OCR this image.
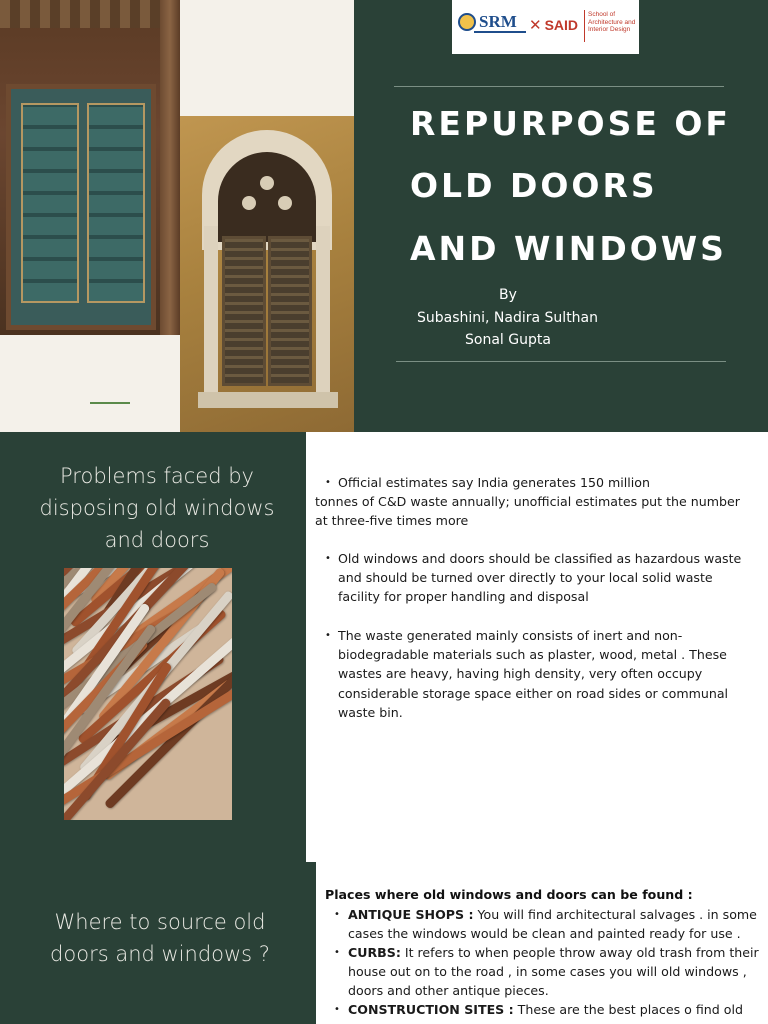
SRM ✕ SAID
School of
Architecture and
Interior Design
REPURPOSE OF
OLD DOORS
AND WINDOWS
By
Subashini, Nadira Sulthan
Sonal Gupta
Problems faced by disposing old windows and doors
• Official estimates say India generates 150 million
tonnes of C&D waste annually; unofficial estimates put the number at three-five times more
• Old windows and doors should be classified as hazardous waste and should be turned over directly to your local solid waste facility for proper handling and disposal
• The waste generated mainly consists of inert and non-biodegradable materials such as plaster, wood, metal . These wastes are heavy, having high density, very often occupy considerable storage space either on road sides or communal waste bin.
Where to source old doors and windows ?
Places where old windows and doors can be found :
• ANTIQUE SHOPS : You will find architectural salvages . in some cases the windows would be clean and painted ready for use .
• CURBS: It refers to when people throw away old trash from their house out on to the road , in some cases you will old windows , doors and other antique pieces.
• CONSTRUCTION SITES : These are the best places o find old
